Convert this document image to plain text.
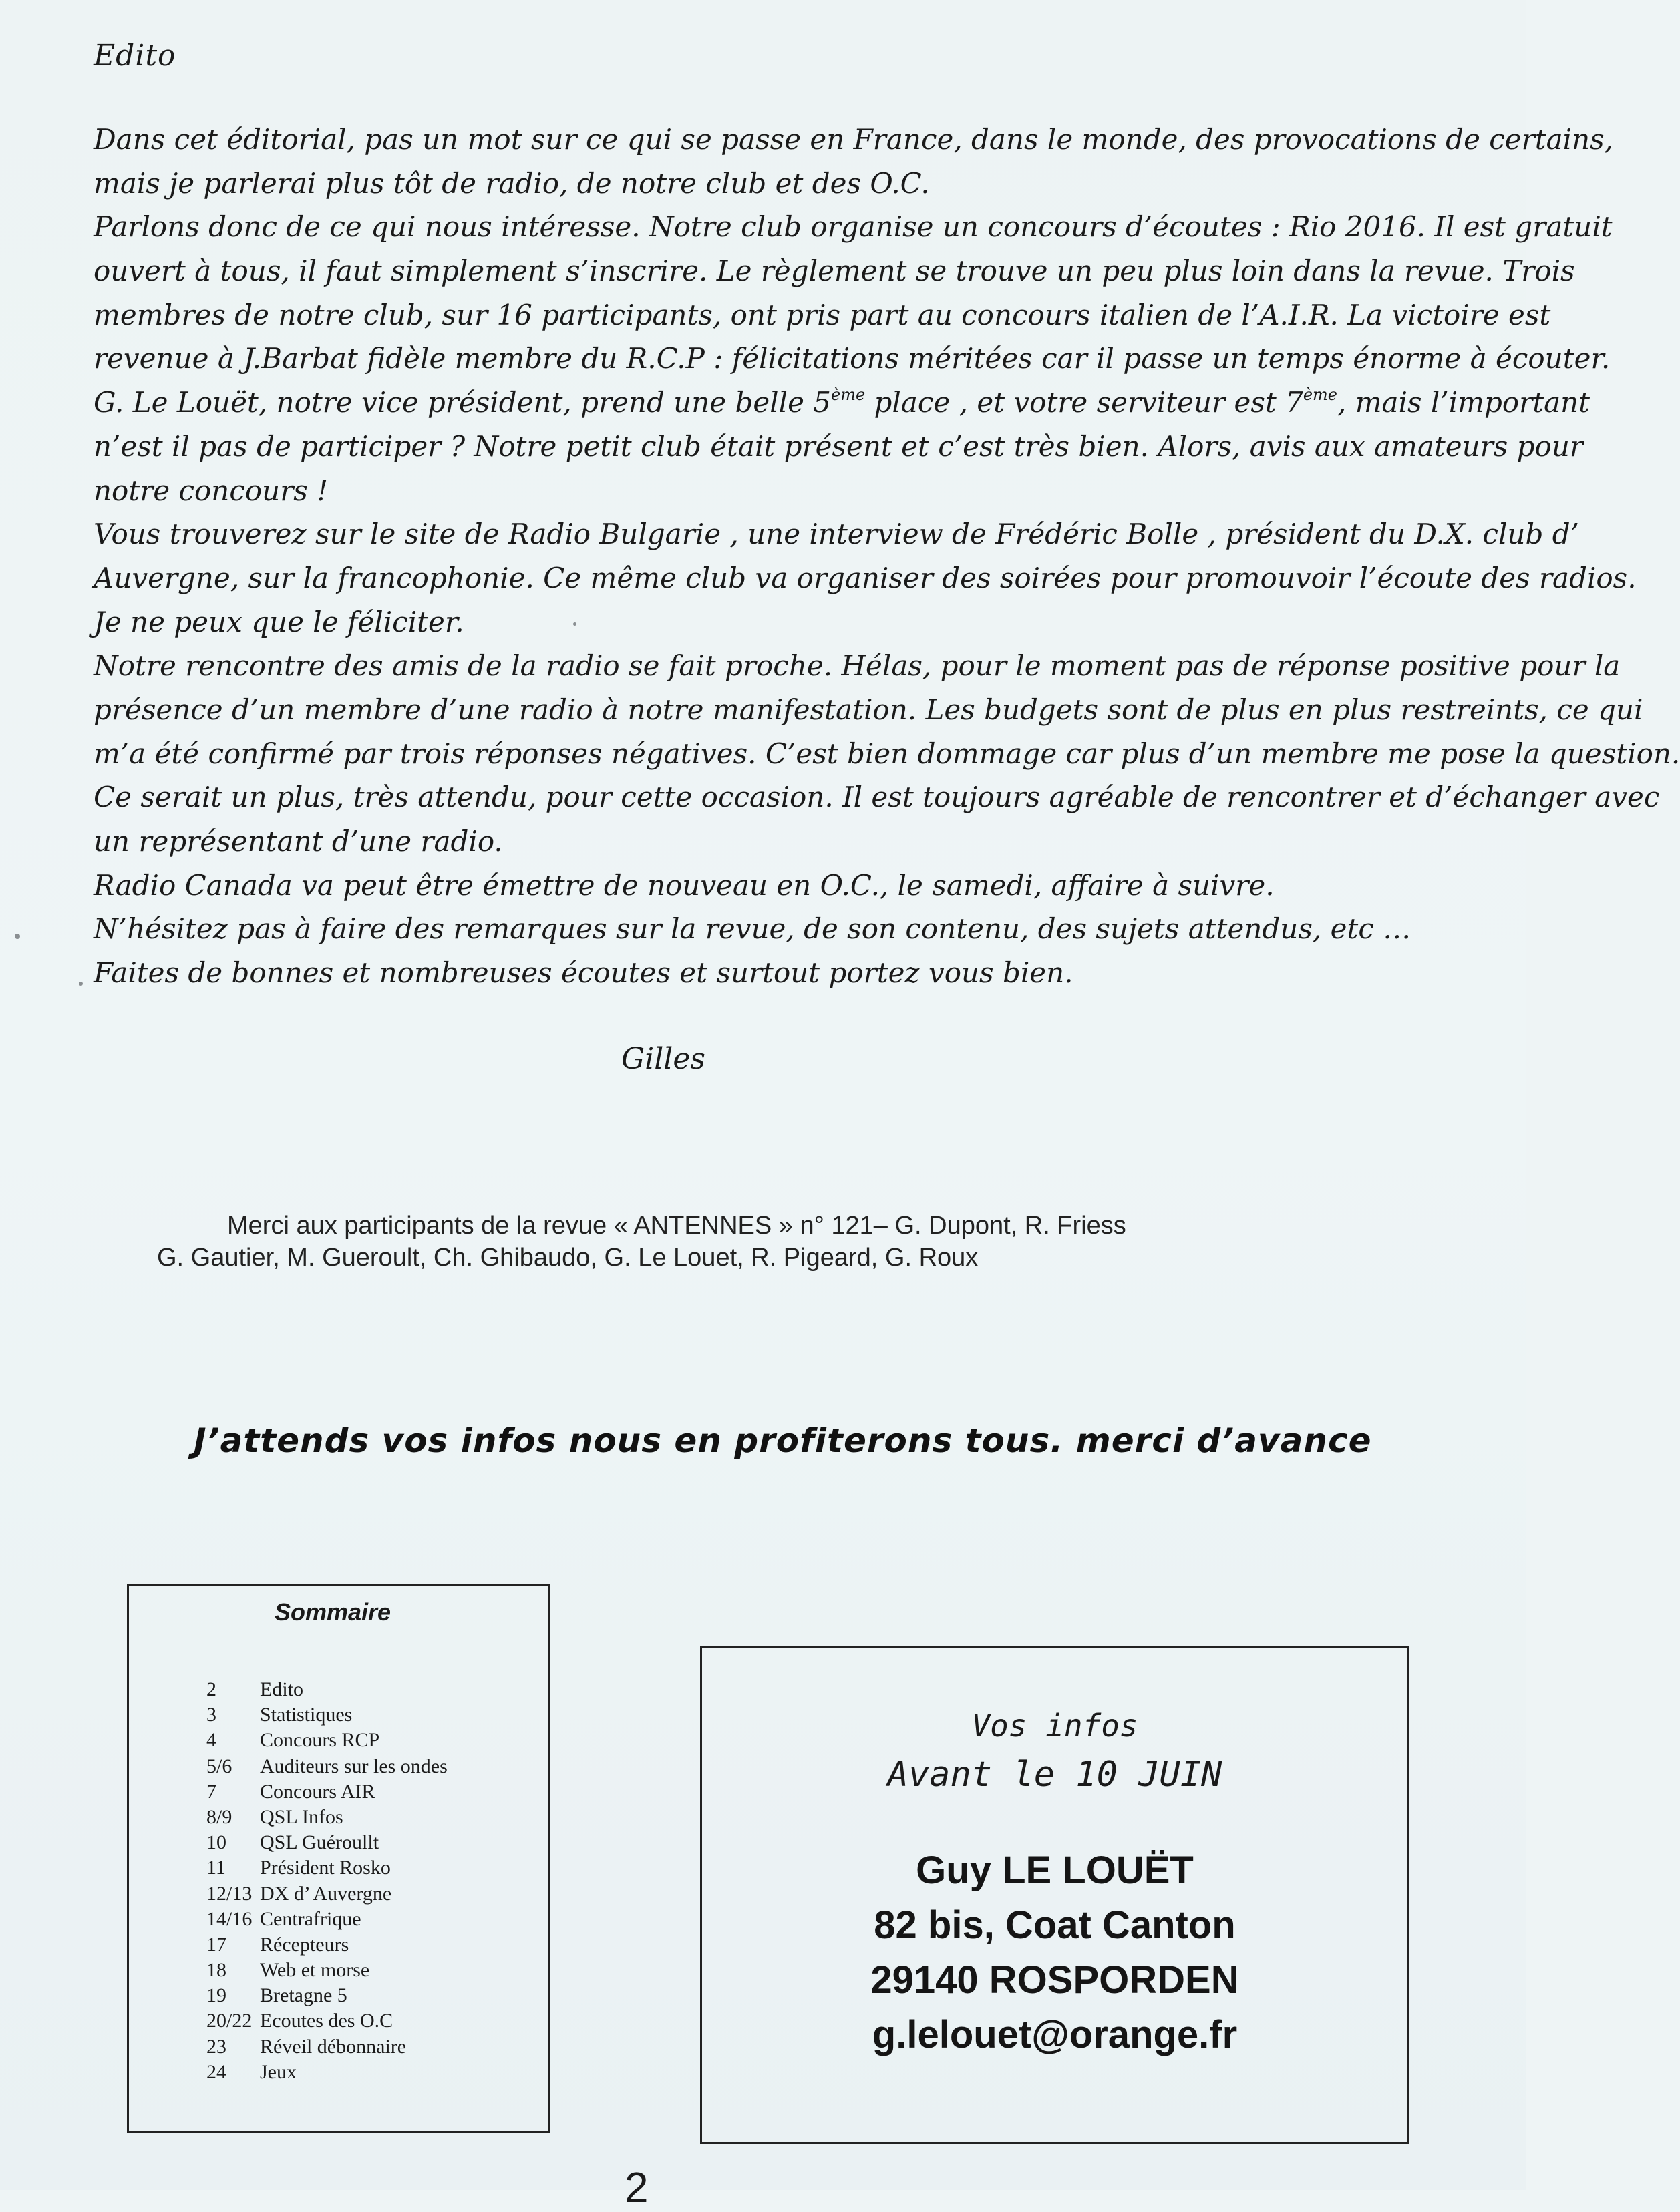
Edito
Dans cet éditorial, pas un mot sur ce qui se passe en France, dans le monde, des provocations de certains,
mais je parlerai plus tôt de radio, de notre club et des O.C.
Parlons donc de ce qui nous intéresse. Notre club organise un concours d’écoutes : Rio 2016. Il est gratuit
ouvert à tous, il faut simplement s’inscrire. Le règlement se trouve un peu plus loin dans la revue. Trois
membres de notre club, sur 16 participants, ont pris part au concours italien de l’A.I.R. La victoire est
revenue à J.Barbat fidèle membre du R.C.P : félicitations méritées car il passe un temps énorme à écouter.
G. Le Louët, notre vice président, prend une belle 5ème place , et votre serviteur est 7ème, mais l’important
n’est il pas de participer ? Notre petit club était présent et c’est très bien. Alors, avis aux amateurs pour
notre concours !
Vous trouverez sur le site de Radio Bulgarie , une interview de Frédéric Bolle , président du D.X. club d’
Auvergne, sur la francophonie. Ce même club va organiser des soirées pour promouvoir l’écoute des radios.
Je ne peux que le féliciter.
Notre rencontre des amis de la radio se fait proche. Hélas, pour le moment pas de réponse positive pour la
présence d’un membre d’une radio à notre manifestation. Les budgets sont de plus en plus restreints, ce qui
m’a été confirmé par trois réponses négatives. C’est bien dommage car plus d’un membre me pose la question.
Ce serait un plus, très attendu, pour cette occasion. Il est toujours agréable de rencontrer et d’échanger avec
un représentant d’une radio.
Radio Canada va peut être émettre de nouveau en O.C., le samedi, affaire à suivre.
N’hésitez pas à faire des remarques sur la revue, de son contenu, des sujets attendus, etc …
Faites de bonnes et nombreuses écoutes et surtout portez vous bien.
Gilles
Merci aux participants de la revue « ANTENNES » n° 121– G. Dupont, R. Friess
G. Gautier, M. Gueroult, Ch. Ghibaudo, G. Le Louet, R. Pigeard, G. Roux
J’attends vos infos nous en profiterons tous. merci d’avance
Sommaire
2	Edito
3	Statistiques
4	Concours RCP
5/6	Auditeurs sur les ondes
7	Concours AIR
8/9	QSL Infos
10	QSL Guéroullt
11	Président Rosko
12/13 DX d’ Auvergne
14/16 Centrafrique
17	Récepteurs
18	Web et morse
19	Bretagne 5
20/22 Ecoutes des O.C
23	Réveil débonnaire
24	Jeux
Vos infos
Avant le 10 JUIN
Guy LE LOUËT
82 bis, Coat Canton
29140 ROSPORDEN
g.lelouet@orange.fr
2
